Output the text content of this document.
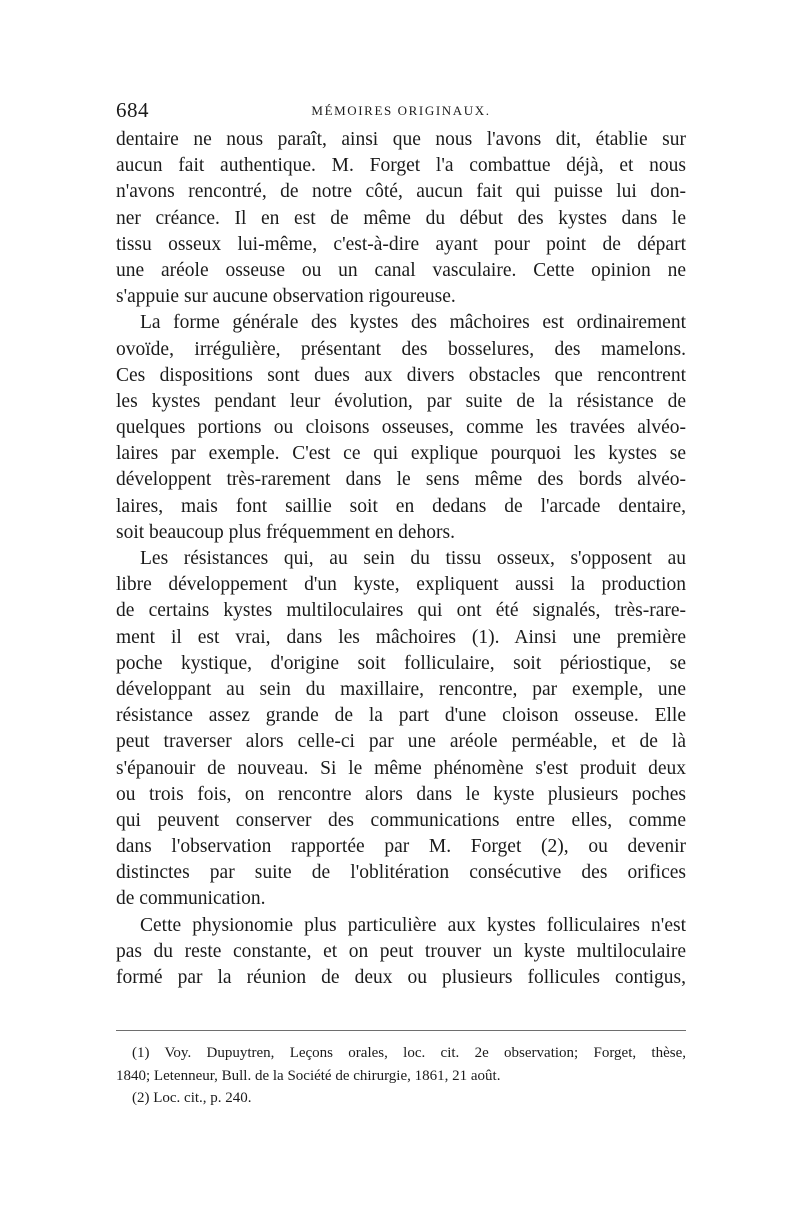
684	MÉMOIRES ORIGINAUX.
dentaire ne nous paraît, ainsi que nous l'avons dit, établie sur
aucun fait authentique. M. Forget l'a combattue déjà, et nous
n'avons rencontré, de notre côté, aucun fait qui puisse lui don-
ner créance. Il en est de même du début des kystes dans le
tissu osseux lui-même, c'est-à-dire ayant pour point de départ
une aréole osseuse ou un canal vasculaire. Cette opinion ne
s'appuie sur aucune observation rigoureuse.
La forme générale des kystes des mâchoires est ordinairement
ovoïde, irrégulière, présentant des bosselures, des mamelons.
Ces dispositions sont dues aux divers obstacles que rencontrent
les kystes pendant leur évolution, par suite de la résistance de
quelques portions ou cloisons osseuses, comme les travées alvéo-
laires par exemple. C'est ce qui explique pourquoi les kystes se
développent très-rarement dans le sens même des bords alvéo-
laires, mais font saillie soit en dedans de l'arcade dentaire,
soit beaucoup plus fréquemment en dehors.
Les résistances qui, au sein du tissu osseux, s'opposent au
libre développement d'un kyste, expliquent aussi la production
de certains kystes multiloculaires qui ont été signalés, très-rare-
ment il est vrai, dans les mâchoires (1). Ainsi une première
poche kystique, d'origine soit folliculaire, soit périostique, se
développant au sein du maxillaire, rencontre, par exemple, une
résistance assez grande de la part d'une cloison osseuse. Elle
peut traverser alors celle-ci par une aréole perméable, et de là
s'épanouir de nouveau. Si le même phénomène s'est produit deux
ou trois fois, on rencontre alors dans le kyste plusieurs poches
qui peuvent conserver des communications entre elles, comme
dans l'observation rapportée par M. Forget (2), ou devenir
distinctes par suite de l'oblitération consécutive des orifices
de communication.
Cette physionomie plus particulière aux kystes folliculaires n'est
pas du reste constante, et on peut trouver un kyste multiloculaire
formé par la réunion de deux ou plusieurs follicules contigus,
(1) Voy. Dupuytren, Leçons orales, loc. cit. 2e observation; Forget, thèse,
1840; Letenneur, Bull. de la Société de chirurgie, 1861, 21 août.
(2) Loc. cit., p. 240.
